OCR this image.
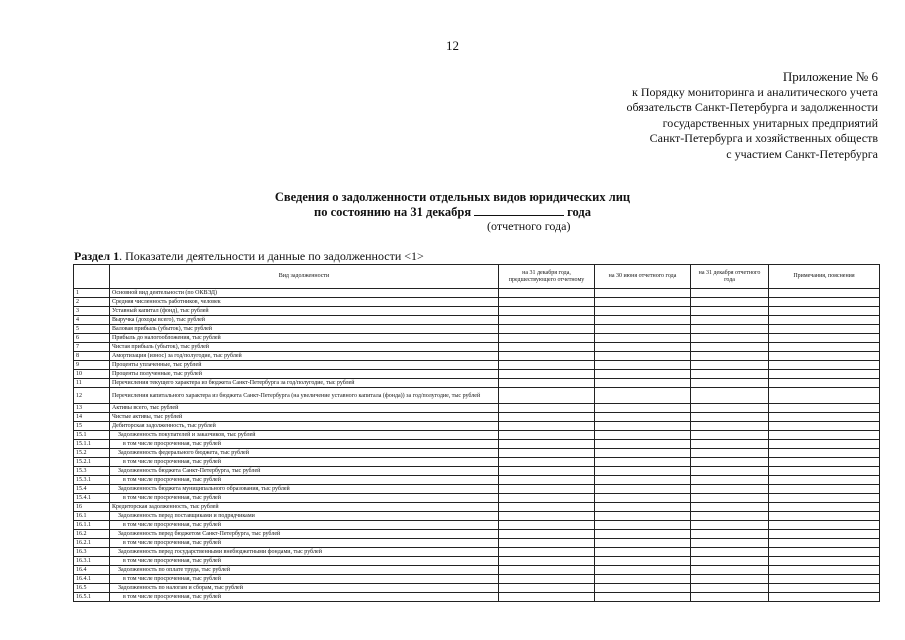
12
Приложение № 6
к Порядку мониторинга и аналитического учета
обязательств Санкт-Петербурга и задолженности
государственных унитарных предприятий
Санкт-Петербурга и хозяйственных обществ
с участием Санкт-Петербурга
Сведения о задолженности отдельных видов юридических лиц
по состоянию на 31 декабря	года
(отчетного года)
Раздел 1. Показатели деятельности и данные по задолженности <1>
	Вид задолженности	на 31 декабря года, предшествующего отчетному	на 30 июня отчетного года	на 31 декабря отчетного года	Примечания, пояснения
1	Основной вид деятельности (по ОКВЭД)				
2	Средняя численность работников, человек				
3	Уставный капитал (фонд), тыс рублей				
4	Выручка (доходы всего), тыс рублей				
5	Валовая прибыль (убыток), тыс рублей				
6	Прибыль до налогообложения, тыс рублей				
7	Чистая прибыль (убыток), тыс рублей				
8	Амортизация (износ) за год/полугодие, тыс рублей				
9	Проценты уплаченные, тыс рублей				
10	Проценты полученные, тыс рублей				
11	Перечисления текущего характера из бюджета Санкт-Петербурга за год/полугодие, тыс рублей				
12	Перечисления капитального характера из бюджета Санкт-Петербурга (на увеличение уставного капитала (фонда)) за год/полугодие, тыс рублей				
13	Активы всего, тыс рублей				
14	Чистые активы, тыс рублей				
15	Дебиторская задолженность, тыс рублей				
15.1	Задолженность покупателей и заказчиков, тыс рублей				
15.1.1	в том числе просроченная, тыс рублей				
15.2	Задолженность федерального бюджета, тыс рублей				
15.2.1	в том числе просроченная, тыс рублей				
15.3	Задолженность бюджета Санкт-Петербурга, тыс рублей				
15.3.1	в том числе просроченная, тыс рублей				
15.4	Задолженность бюджета муниципального образования, тыс рублей				
15.4.1	в том числе просроченная, тыс рублей				
16	Кредиторская задолженность, тыс рублей				
16.1	Задолженность перед поставщиками и подрядчиками				
16.1.1	в том числе просроченная, тыс рублей				
16.2	Задолженность перед бюджетом Санкт-Петербурга, тыс рублей				
16.2.1	в том числе просроченная, тыс рублей				
16.3	Задолженность перед государственными внебюджетными фондами, тыс рублей				
16.3.1	в том числе просроченная, тыс рублей				
16.4	Задолженность по оплате труда, тыс рублей				
16.4.1	в том числе просроченная, тыс рублей				
16.5	Задолженность по налогам и сборам, тыс рублей				
16.5.1	в том числе просроченная, тыс рублей				
